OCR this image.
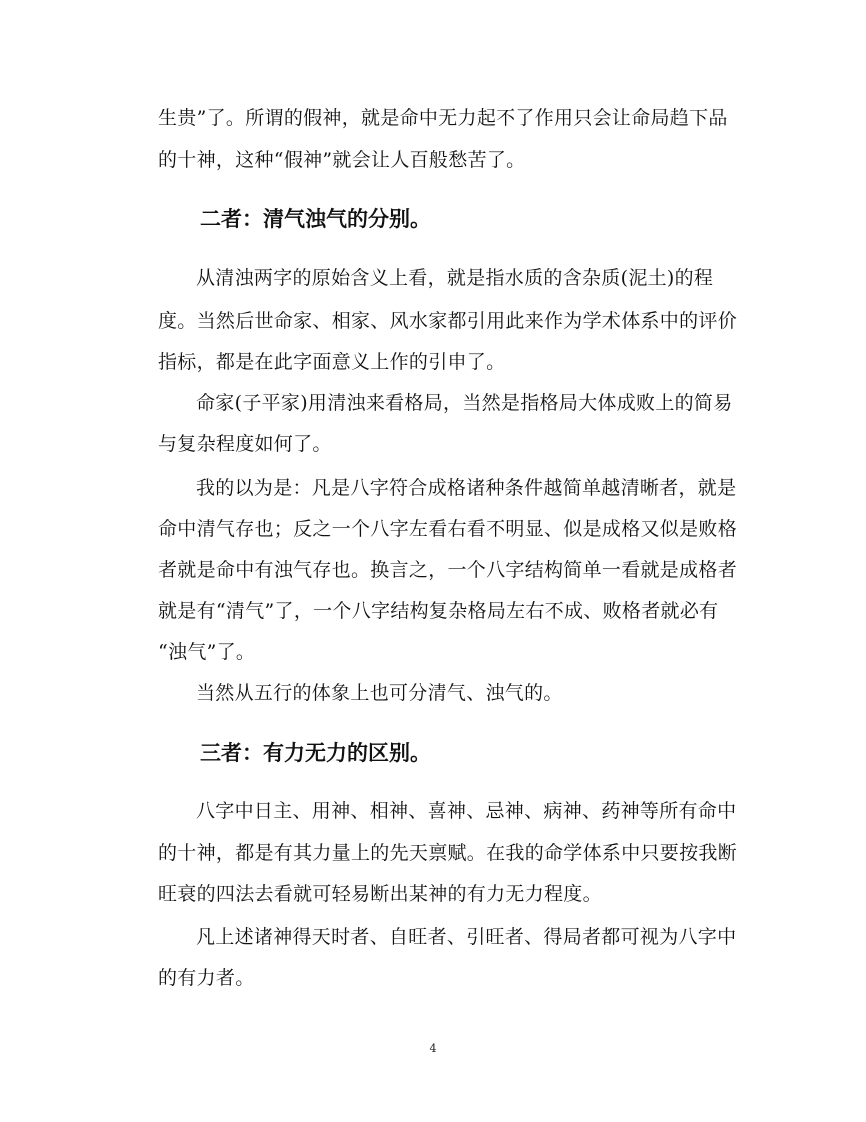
生贵”了。所谓的假神，就是命中无力起不了作用只会让命局趋下品
的十神，这种“假神”就会让人百般愁苦了。
二者：清气浊气的分别。
从清浊两字的原始含义上看，就是指水质的含杂质(泥土)的程
度。当然后世命家、相家、风水家都引用此来作为学术体系中的评价
指标，都是在此字面意义上作的引申了。
命家(子平家)用清浊来看格局，当然是指格局大体成败上的简易
与复杂程度如何了。
我的以为是：凡是八字符合成格诸种条件越简单越清晰者，就是
命中清气存也；反之一个八字左看右看不明显、似是成格又似是败格
者就是命中有浊气存也。换言之，一个八字结构简单一看就是成格者
就是有“清气”了，一个八字结构复杂格局左右不成、败格者就必有
“浊气”了。
当然从五行的体象上也可分清气、浊气的。
三者：有力无力的区别。
八字中日主、用神、相神、喜神、忌神、病神、药神等所有命中
的十神，都是有其力量上的先天禀赋。在我的命学体系中只要按我断
旺衰的四法去看就可轻易断出某神的有力无力程度。
凡上述诸神得天时者、自旺者、引旺者、得局者都可视为八字中
的有力者。
4
